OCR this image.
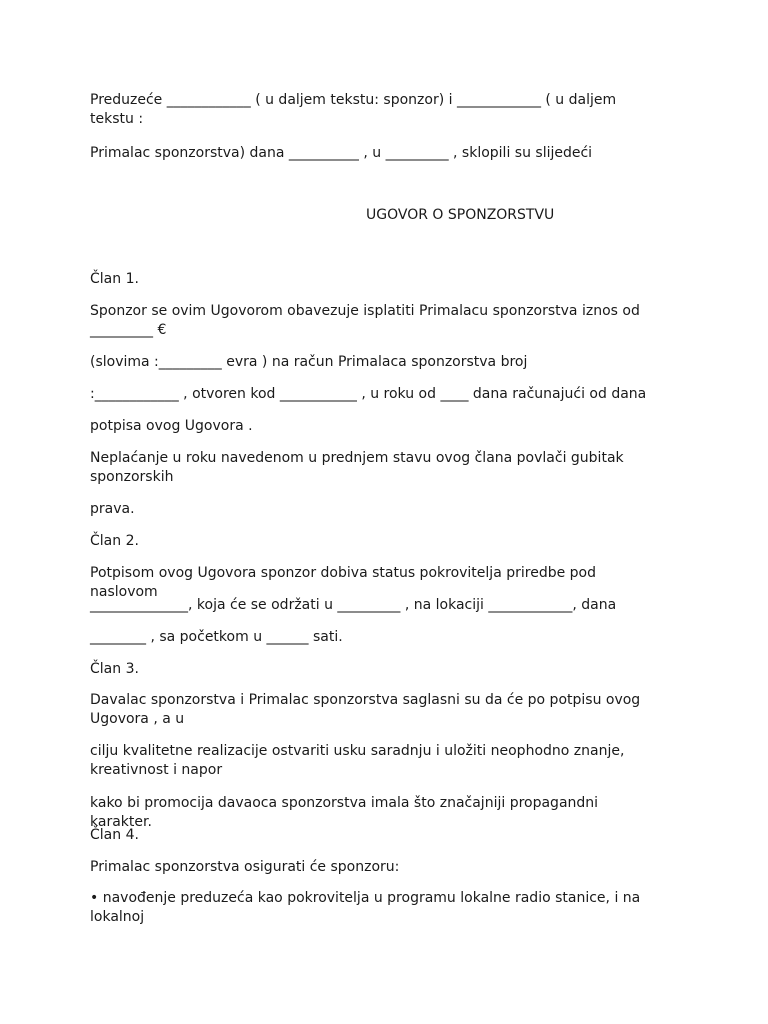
Preduzeće ____________ ( u daljem tekstu: sponzor) i ____________ ( u daljem tekstu :
Primalac sponzorstva) dana __________ , u _________ , sklopili su slijedeći
UGOVOR O SPONZORSTVU
Član 1.
Sponzor se ovim Ugovorom obavezuje isplatiti Primalacu sponzorstva iznos od _________ €
(slovima :_________ evra ) na račun Primalaca sponzorstva broj
:____________ , otvoren kod ___________ , u roku od ____ dana računajući od dana
potpisa ovog Ugovora .
Neplaćanje u roku navedenom u prednjem stavu ovog člana povlači gubitak sponzorskih
prava.
Član 2.
Potpisom ovog Ugovora sponzor dobiva status pokrovitelja priredbe pod naslovom
______________, koja će se održati u _________ , na lokaciji ____________, dana
________ , sa početkom u ______ sati.
Član 3.
Davalac sponzorstva i Primalac sponzorstva saglasni su da će po potpisu ovog Ugovora , a u
cilju kvalitetne realizacije ostvariti usku saradnju i uložiti neophodno znanje, kreativnost i napor
kako bi promocija davaoca sponzorstva imala što značajniji propagandni karakter.
Član 4.
Primalac sponzorstva osigurati će sponzoru:
• navođenje preduzeća kao pokrovitelja u programu lokalne radio stanice, i na lokalnoj
